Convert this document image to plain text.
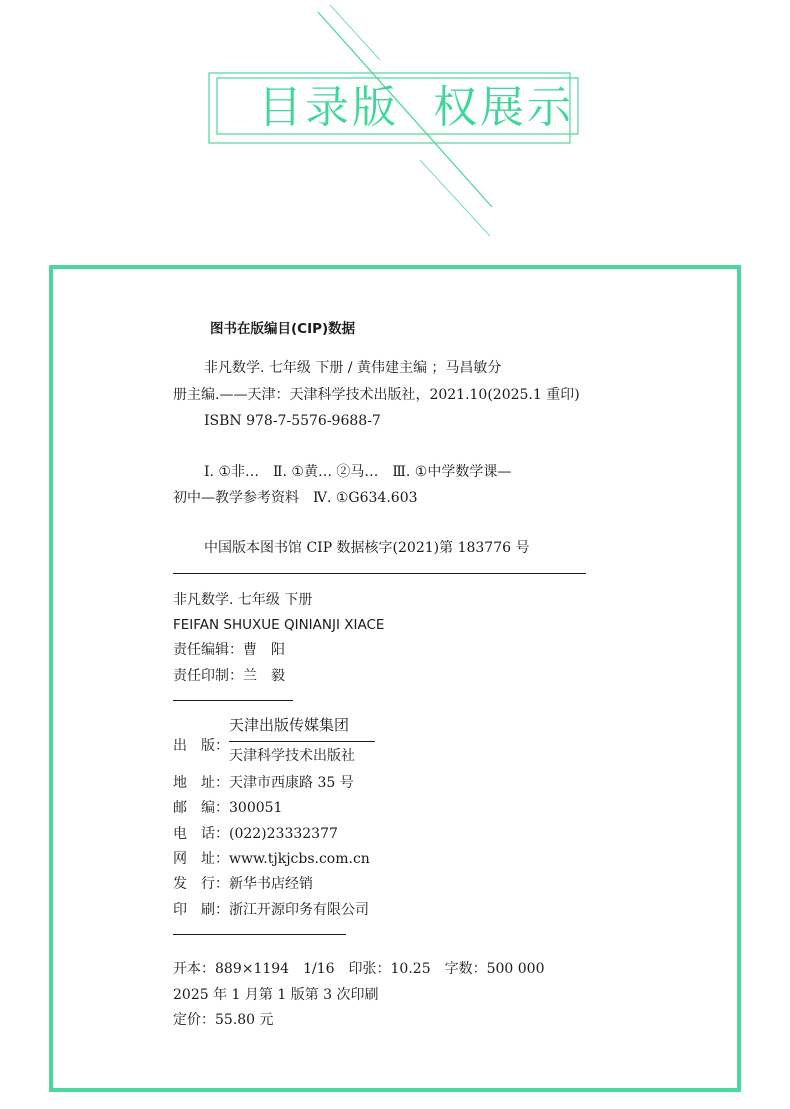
目录版 权展示
图书在版编目(CIP)数据
非凡数学. 七年级 下册 / 黄伟建主编 ；马昌敏分
册主编.——天津：天津科学技术出版社，2021.10(2025.1 重印)
ISBN 978-7-5576-9688-7
Ⅰ. ①非…　Ⅱ. ①黄… ②马…　Ⅲ. ①中学数学课—
初中—教学参考资料　Ⅳ. ①G634.603
中国版本图书馆 CIP 数据核字(2021)第 183776 号
非凡数学. 七年级 下册
FEIFAN SHUXUE QINIANJI XIACE
责任编辑：曹　阳
责任印制：兰　毅
天津出版传媒集团
出　版：
天津科学技术出版社
地　址：天津市西康路 35 号
邮　编：300051
电　话：(022)23332377
网　址：www.tjkjcbs.com.cn
发　行：新华书店经销
印　刷：浙江开源印务有限公司
开本：889×1194　1/16　印张：10.25　字数：500 000
2025 年 1 月第 1 版第 3 次印刷
定价：55.80 元
